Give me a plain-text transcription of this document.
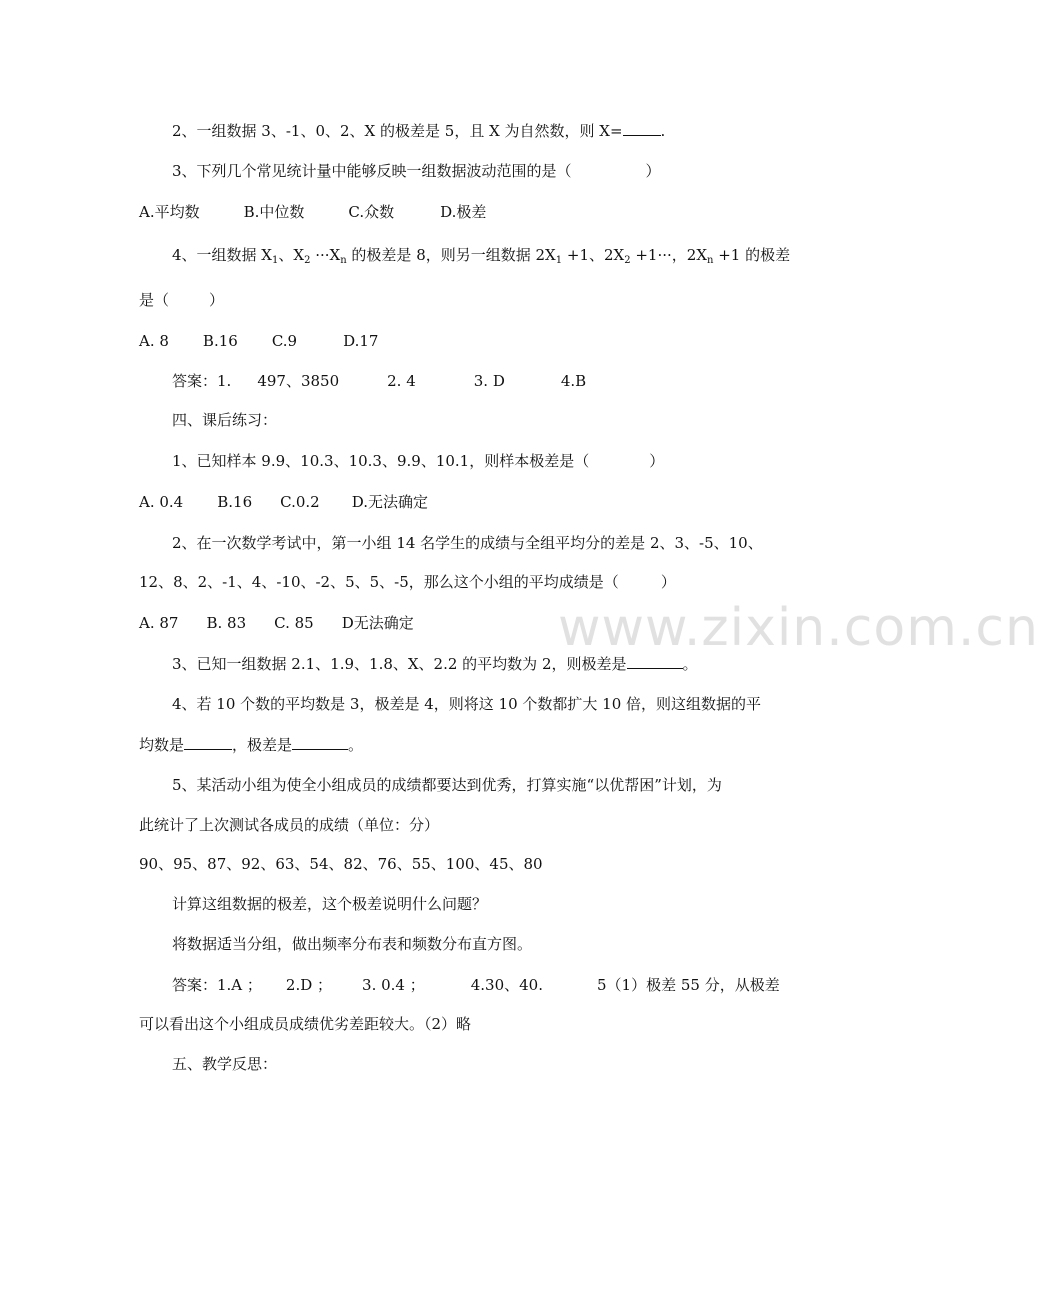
2、一组数据 3、-1、0、2、X 的极差是 5，且 X 为自然数，则 X=	.
3、下列几个常见统计量中能够反映一组数据波动范围的是（	）
A.平均数	B.中位数	C.众数	D.极差
4、一组数据 $X_1$、$X_2 \cdot\cdot\cdot X_n$ 的极差是 8，则另一组数据 $2X_1 +1$、$2X_2 +1\cdot\cdot\cdot$，$2X_n +1$ 的极差
是（	）
A. 8 B.16 C.9	D.17
答案：1. 497、3850	2. 4	3. D	4.B
四、课后练习：
1、已知样本 9.9、10.3、10.3、9.9、10.1，则样本极差是（	）
A. 0.4 B.16 C.0.2 D.无法确定
2、在一次数学考试中，第一小组 14 名学生的成绩与全组平均分的差是 2、3、-5、10、
12、8、2、-1、4、-10、-2、5、5、-5，那么这个小组的平均成绩是（	）
A. 87 B. 83 C. 85 D无法确定
3、已知一组数据 2.1、1.9、1.8、X、2.2 的平均数为 2，则极差是	。
4、若 10 个数的平均数是 3，极差是 4，则将这 10 个数都扩大 10 倍，则这组数据的平
均数是	，极差是	。
5、某活动小组为使全小组成员的成绩都要达到优秀，打算实施“以优帮困”计划，为
此统计了上次测试各成员的成绩（单位：分）
90、95、87、92、63、54、82、76、55、100、45、80
计算这组数据的极差，这个极差说明什么问题？
将数据适当分组，做出频率分布表和频数分布直方图。
答案：1.A ； 2.D ； 3. 0.4 ；	4.30、40.	5（1）极差 55 分，从极差
可以看出这个小组成员成绩优劣差距较大。（2）略
五、教学反思：
www.zixin.com.cn
